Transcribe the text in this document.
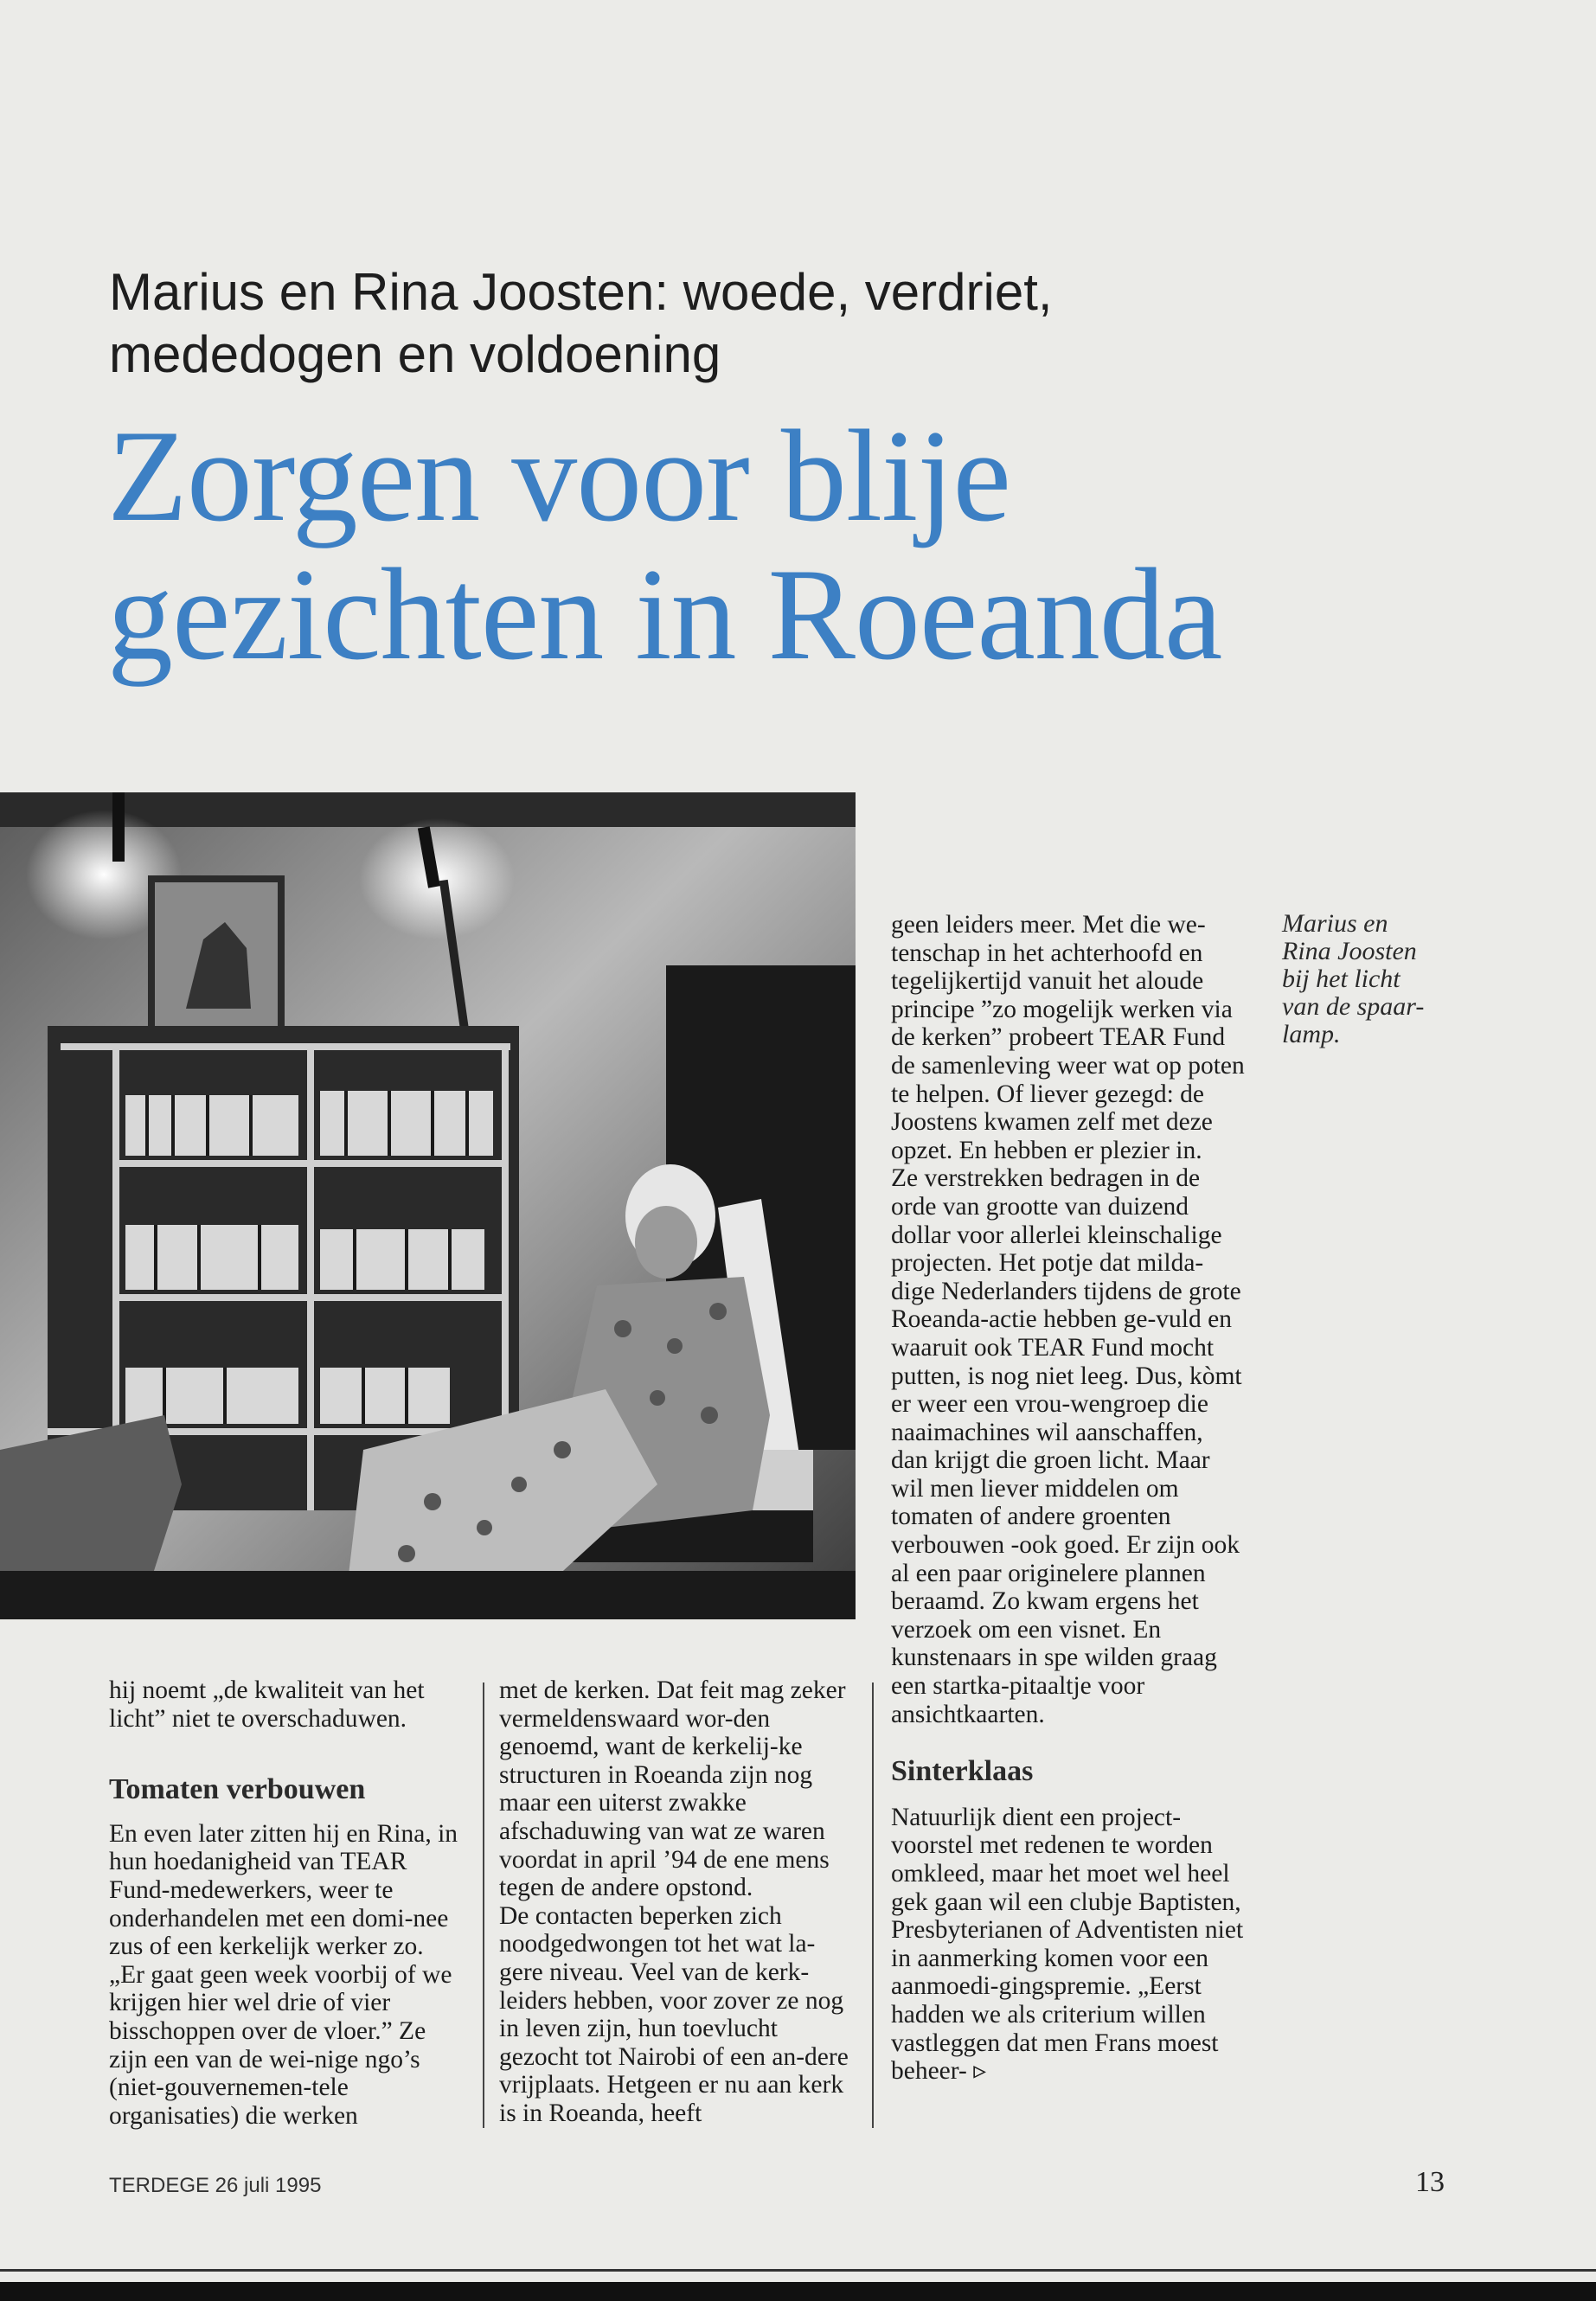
Marius en Rina Joosten: woede, verdriet,
mededogen en voldoening
Zorgen voor blije
gezichten in Roeanda

hij noemt „de kwaliteit van het licht” niet te overschaduwen.

Tomaten verbouwen

En even later zitten hij en Rina, in hun hoedanigheid van TEAR Fund-medewerkers, weer te onderhandelen met een domi-nee zus of een kerkelijk werker zo. „Er gaat geen week voorbij of we krijgen hier wel drie of vier bisschoppen over de vloer.” Ze zijn een van de wei-nige ngo’s (niet-gouvernemen-tele organisaties) die werken

met de kerken. Dat feit mag zeker vermeldenswaard wor-den genoemd, want de kerkelij-ke structuren in Roeanda zijn nog maar een uiterst zwakke afschaduwing van wat ze waren voordat in april ’94 de ene mens tegen de andere opstond.

De contacten beperken zich noodgedwongen tot het wat la-gere niveau. Veel van de kerk-leiders hebben, voor zover ze nog in leven zijn, hun toevlucht gezocht tot Nairobi of een an-dere vrijplaats. Hetgeen er nu aan kerk is in Roeanda, heeft

geen leiders meer. Met die we-tenschap in het achterhoofd en tegelijkertijd vanuit het aloude principe ”zo mogelijk werken via de kerken” probeert TEAR Fund de samenleving weer wat op poten te helpen. Of liever gezegd: de Joostens kwamen zelf met deze opzet. En hebben er plezier in.

Ze verstrekken bedragen in de orde van grootte van duizend dollar voor allerlei kleinschalige projecten. Het potje dat milda-dige Nederlanders tijdens de grote Roeanda-actie hebben ge-vuld en waaruit ook TEAR Fund mocht putten, is nog niet leeg. Dus, kòmt er weer een vrou-wengroep die naaimachines wil aanschaffen, dan krijgt die groen licht. Maar wil men liever middelen om tomaten of andere groenten verbouwen -ook goed. Er zijn ook al een paar originelere plannen beraamd. Zo kwam ergens het verzoek om een visnet. En kunstenaars in spe wilden graag een startka-pitaaltje voor ansichtkaarten.

Sinterklaas

Natuurlijk dient een project-voorstel met redenen te worden omkleed, maar het moet wel heel gek gaan wil een clubje Baptisten, Presbyterianen of Adventisten niet in aanmerking komen voor een aanmoedi-gingspremie. „Eerst hadden we als criterium willen vastleggen dat men Frans moest beheer- ▹

Marius en
Rina Joosten
bij het licht
van de spaar-
lamp.
TERDEGE 26 juli 1995	13
